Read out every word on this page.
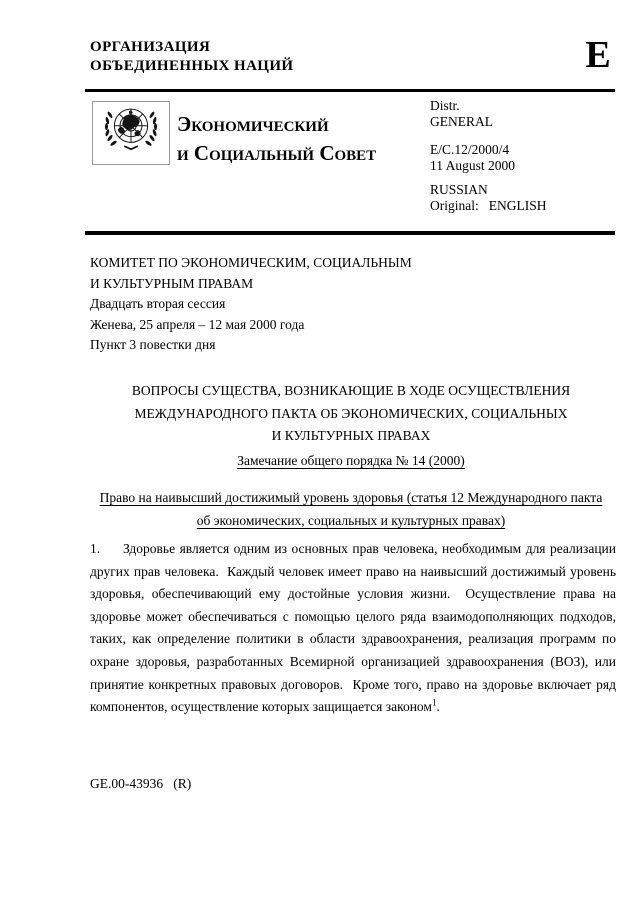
ОРГАНИЗАЦИЯ
ОБЪЕДИНЕННЫХ НАЦИЙ	E
Экономический
и Социальный Совет
Distr.
GENERAL
E/C.12/2000/4
11 August 2000
RUSSIAN
Original: ENGLISH
КОМИТЕТ ПО ЭКОНОМИЧЕСКИМ, СОЦИАЛЬНЫМ
И КУЛЬТУРНЫМ ПРАВАМ
Двадцать вторая сессия
Женева, 25 апреля – 12 мая 2000 года
Пункт 3 повестки дня
ВОПРОСЫ СУЩЕСТВА, ВОЗНИКАЮЩИЕ В ХОДЕ ОСУЩЕСТВЛЕНИЯ
МЕЖДУНАРОДНОГО ПАКТА ОБ ЭКОНОМИЧЕСКИХ, СОЦИАЛЬНЫХ
И КУЛЬТУРНЫХ ПРАВАХ
Замечание общего порядка № 14 (2000)
Право на наивысший достижимый уровень здоровья (статья 12 Международного пакта
об экономических, социальных и культурных правах)
1. Здоровье является одним из основных прав человека, необходимым для реализации других прав человека.  Каждый человек имеет право на наивысший достижимый уровень здоровья, обеспечивающий ему достойные условия жизни.  Осуществление права на здоровье может обеспечиваться с помощью целого ряда взаимодополняющих подходов, таких, как определение политики в области здравоохранения, реализация программ по охране здоровья, разработанных Всемирной организацией здравоохранения (ВОЗ), или принятие конкретных правовых договоров.  Кроме того, право на здоровье включает ряд компонентов, осуществление которых защищается законом$^1$.
GE.00-43936   (R)
